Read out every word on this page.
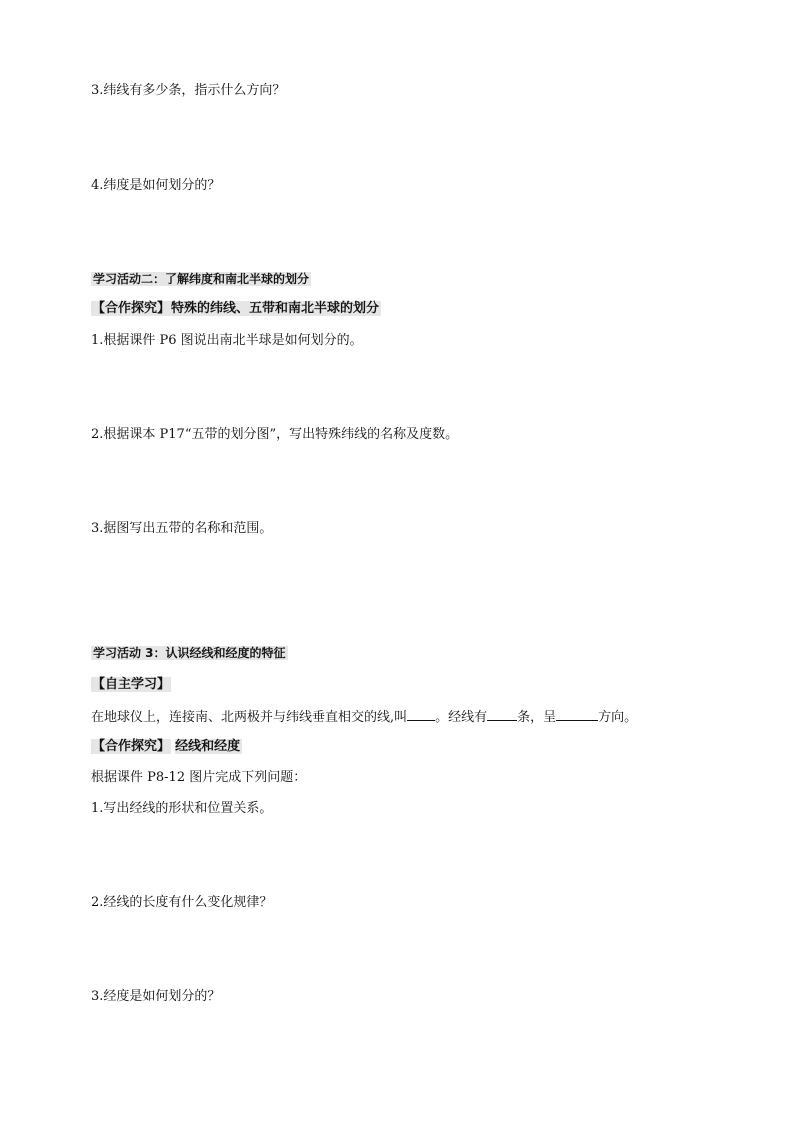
3.纬线有多少条，指示什么方向？
4.纬度是如何划分的？
学习活动二：了解纬度和南北半球的划分
【合作探究】特殊的纬线、五带和南北半球的划分
1.根据课件 P6 图说出南北半球是如何划分的。
2.根据课本 P17“五带的划分图”，写出特殊纬线的名称及度数。
3.据图写出五带的名称和范围。
学习活动 3：认识经线和经度的特征
【自主学习】
在地球仪上，连接南、北两极并与纬线垂直相交的线,叫 。经线有 条，呈	方向。
【合作探究】 经线和经度
根据课件 P8-12 图片完成下列问题：
1.写出经线的形状和位置关系。
2.经线的长度有什么变化规律？
3.经度是如何划分的？
